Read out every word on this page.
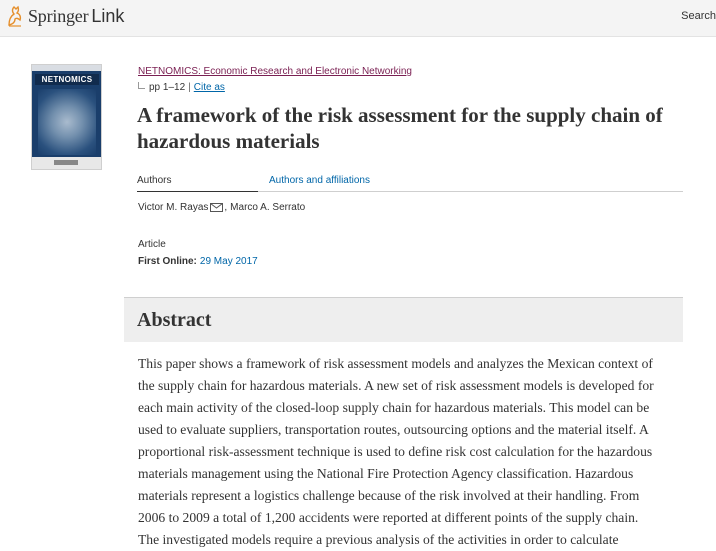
Springer Link	Search
NETNOMICS
NETNOMICS: Economic Research and Electronic Networking
pp 1–12 | Cite as
A framework of the risk assessment for the supply chain of hazardous materials
Authors	Authors and affiliations
Victor M. Rayas , Marco A. Serrato
Article
First Online: 29 May 2017
Abstract
This paper shows a framework of risk assessment models and analyzes the Mexican context of
the supply chain for hazardous materials. A new set of risk assessment models is developed for
each main activity of the closed-loop supply chain for hazardous materials. This model can be
used to evaluate suppliers, transportation routes, outsourcing options and the material itself. A
proportional risk-assessment technique is used to define risk cost calculation for the hazardous
materials management using the National Fire Protection Agency classification. Hazardous
materials represent a logistics challenge because of the risk involved at their handling. From
2006 to 2009 a total of 1,200 accidents were reported at different points of the supply chain.
The investigated models require a previous analysis of the activities in order to calculate
